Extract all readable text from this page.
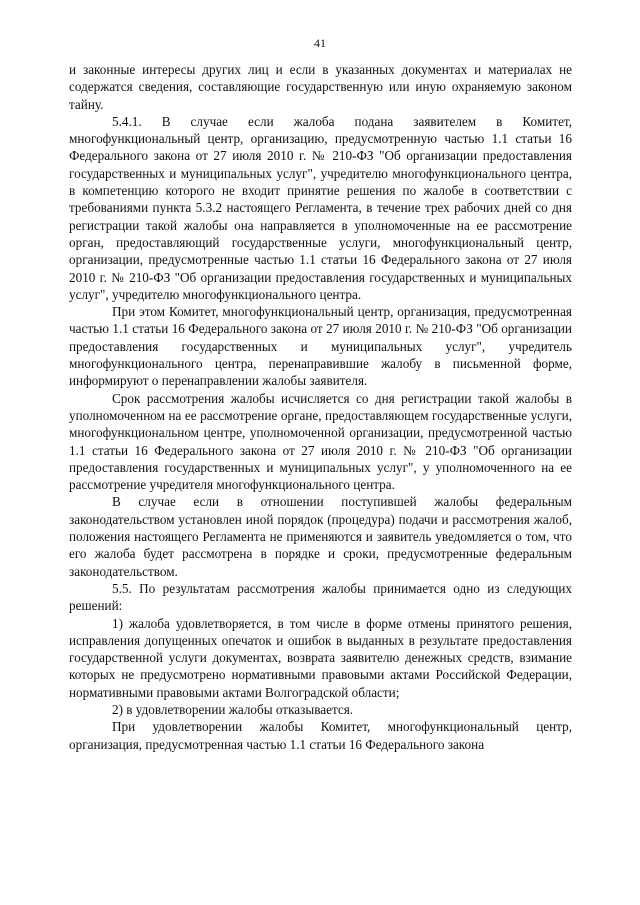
41

и законные интересы других лиц и если в указанных документах и материалах не содержатся сведения, составляющие государственную или иную охраняемую законом тайну.

5.4.1. В случае если жалоба подана заявителем в Комитет, многофункциональный центр, организацию, предусмотренную частью 1.1 статьи 16 Федерального закона от 27 июля 2010 г. № 210-ФЗ "Об организации предоставления государственных и муниципальных услуг", учредителю многофункционального центра, в компетенцию которого не входит принятие решения по жалобе в соответствии с требованиями пункта 5.3.2 настоящего Регламента, в течение трех рабочих дней со дня регистрации такой жалобы она направляется в уполномоченные на ее рассмотрение орган, предоставляющий государственные услуги, многофункциональный центр, организации, предусмотренные частью 1.1 статьи 16 Федерального закона от 27 июля 2010 г. № 210-ФЗ "Об организации предоставления государственных и муниципальных услуг", учредителю многофункционального центра.

При этом Комитет, многофункциональный центр, организация, предусмотренная частью 1.1 статьи 16 Федерального закона от 27 июля 2010 г. № 210-ФЗ "Об организации предоставления государственных и муниципальных услуг", учредитель многофункционального центра, перенаправившие жалобу в письменной форме, информируют о перенаправлении жалобы заявителя.

Срок рассмотрения жалобы исчисляется со дня регистрации такой жалобы в уполномоченном на ее рассмотрение органе, предоставляющем государственные услуги, многофункциональном центре, уполномоченной организации, предусмотренной частью 1.1 статьи 16 Федерального закона от 27 июля 2010 г. № 210-ФЗ "Об организации предоставления государственных и муниципальных услуг", у уполномоченного на ее рассмотрение учредителя многофункционального центра.

В случае если в отношении поступившей жалобы федеральным законодательством установлен иной порядок (процедура) подачи и рассмотрения жалоб, положения настоящего Регламента не применяются и заявитель уведомляется о том, что его жалоба будет рассмотрена в порядке и сроки, предусмотренные федеральным законодательством.

5.5. По результатам рассмотрения жалобы принимается одно из следующих решений:

1) жалоба удовлетворяется, в том числе в форме отмены принятого решения, исправления допущенных опечаток и ошибок в выданных в результате предоставления государственной услуги документах, возврата заявителю денежных средств, взимание которых не предусмотрено нормативными правовыми актами Российской Федерации, нормативными правовыми актами Волгоградской области;

2) в удовлетворении жалобы отказывается.

При удовлетворении жалобы Комитет, многофункциональный центр, организация, предусмотренная частью 1.1 статьи 16 Федерального закона
